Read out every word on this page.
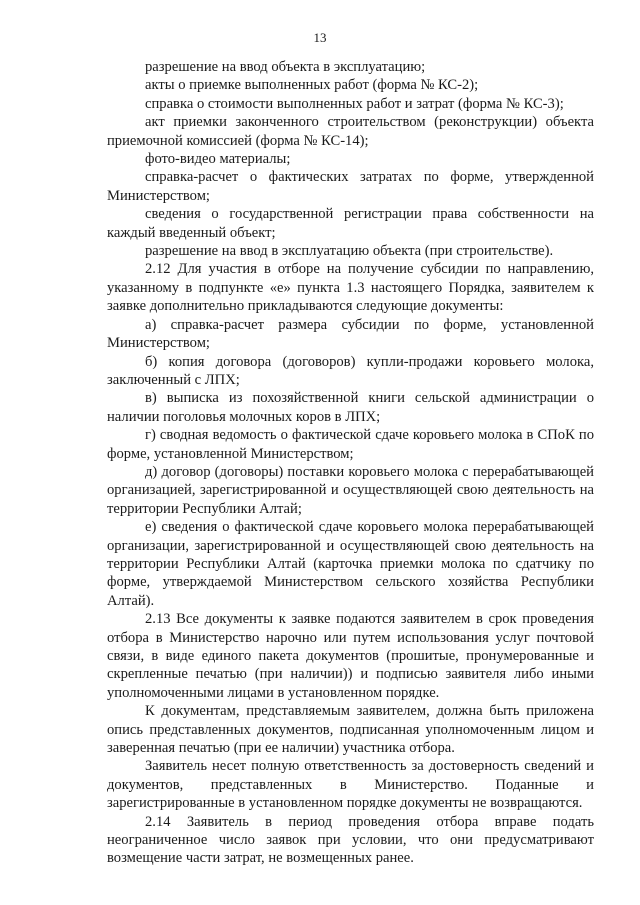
13

разрешение на ввод объекта в эксплуатацию;

акты о приемке выполненных работ (форма № КС-2);

справка о стоимости выполненных работ и затрат (форма № КС-3);

акт приемки законченного строительством (реконструкции) объекта приемочной комиссией (форма № КС-14);

фото-видео материалы;

справка-расчет о фактических затратах по форме, утвержденной Министерством;

сведения о государственной регистрации права собственности на каждый введенный объект;

разрешение на ввод в эксплуатацию объекта (при строительстве).

2.12 Для участия в отборе на получение субсидии по направлению, указанному в подпункте «е» пункта 1.3 настоящего Порядка, заявителем к заявке дополнительно прикладываются следующие документы:

а) справка-расчет размера субсидии по форме, установленной Министерством;

б) копия договора (договоров) купли-продажи коровьего молока, заключенный с ЛПХ;

в) выписка из похозяйственной книги сельской администрации о наличии поголовья молочных коров в ЛПХ;

г) сводная ведомость о фактической сдаче коровьего молока в СПоК по форме, установленной Министерством;

д) договор (договоры) поставки коровьего молока с перерабатывающей организацией, зарегистрированной и осуществляющей свою деятельность на территории Республики Алтай;

е) сведения о фактической сдаче коровьего молока перерабатывающей организации, зарегистрированной и осуществляющей свою деятельность на территории Республики Алтай (карточка приемки молока по сдатчику по форме, утверждаемой Министерством сельского хозяйства Республики Алтай).

2.13 Все документы к заявке подаются заявителем в срок проведения отбора в Министерство нарочно или путем использования услуг почтовой связи, в виде единого пакета документов (прошитые, пронумерованные и скрепленные печатью (при наличии)) и подписью заявителя либо иными уполномоченными лицами в установленном порядке.

К документам, представляемым заявителем, должна быть приложена опись представленных документов, подписанная уполномоченным лицом и заверенная печатью (при ее наличии) участника отбора.

Заявитель несет полную ответственность за достоверность сведений и документов, представленных в Министерство. Поданные и зарегистрированные в установленном порядке документы не возвращаются.

2.14 Заявитель в период проведения отбора вправе подать неограниченное число заявок при условии, что они предусматривают возмещение части затрат, не возмещенных ранее.
